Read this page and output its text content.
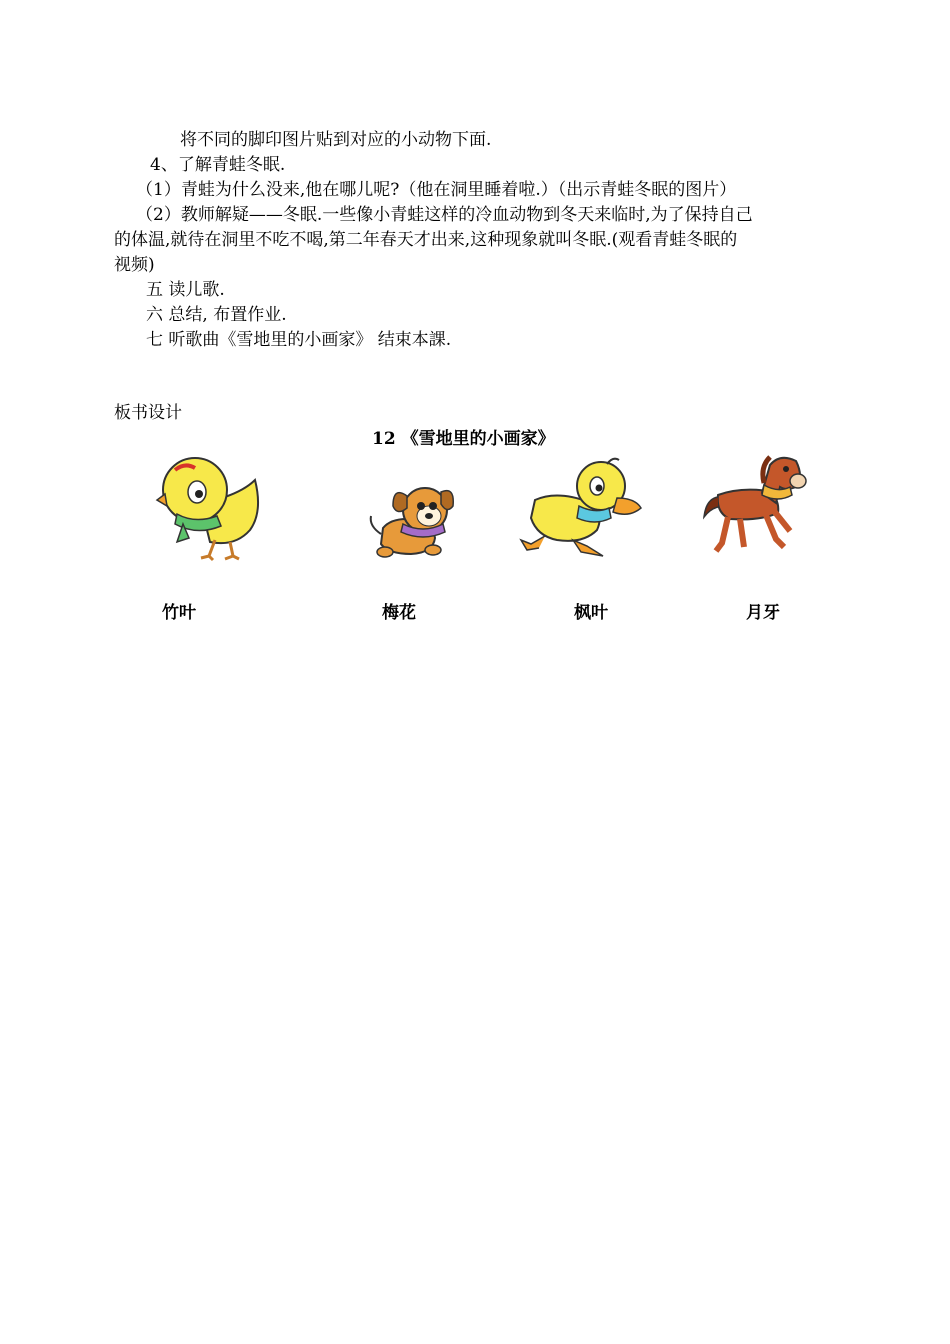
将不同的脚印图片贴到对应的小动物下面.
4、了解青蛙冬眠.
（1）青蛙为什么没来,他在哪儿呢?（他在洞里睡着啦.）（出示青蛙冬眠的图片）
（2）教师解疑——冬眠.一些像小青蛙这样的冷血动物到冬天来临时,为了保持自己
的体温,就待在洞里不吃不喝,第二年春天才出来,这种现象就叫冬眠.(观看青蛙冬眠的
视频)
五 读儿歌.
六 总结, 布置作业.
七 听歌曲《雪地里的小画家》 结束本課.
板书设计
12 《雪地里的小画家》
竹叶	梅花	枫叶	月牙
